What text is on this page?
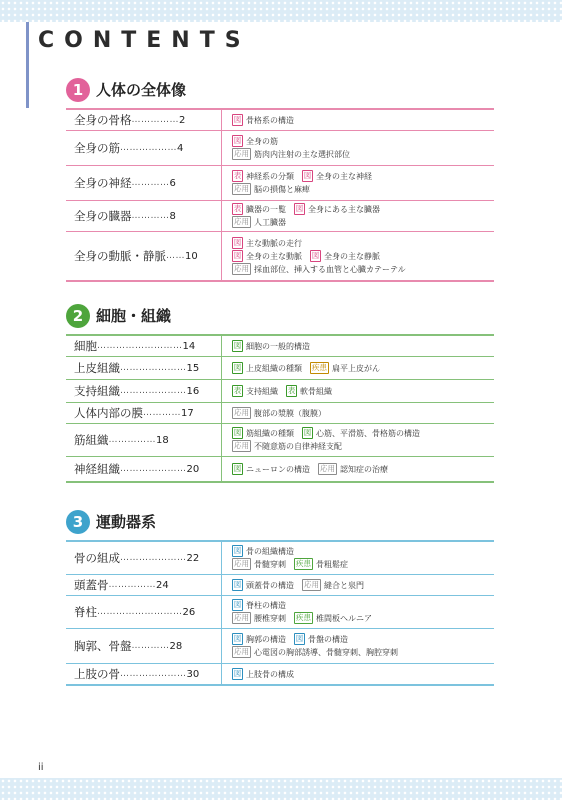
CONTENTS
1 人体の全体像
全身の骨格 …………… 2	図 骨格系の構造
全身の筋 ……………… 4
図 全身の筋
応用 筋肉内注射の主な選択部位
全身の神経 ………… 6
表 神経系の分類 図 全身の主な神経
応用 脳の損傷と麻痺
全身の臓器 ………… 8
表 臓器の一覧 図 全身にある主な臓器
応用 人工臓器
全身の動脈・静脈 …… 10
図 主な動脈の走行
図 全身の主な動脈 図 全身の主な静脈
応用 採血部位、挿入する血管と心臓カテーテル
2 細胞・組織
細胞 ……………………… 14	図 細胞の一般的構造
上皮組織 ………………… 15	図 上皮組織の種類 疾患 扁平上皮がん
支持組織 ………………… 16	表 支持組織 表 軟骨組織
人体内部の膜 ………… 17	応用 腹部の漿膜（腹膜）
筋組織 …………… 18
図 筋組織の種類 図 心筋、平滑筋、骨格筋の構造
応用 不随意筋の自律神経支配
神経組織 ………………… 20	図 ニューロンの構造 応用 認知症の治療
3 運動器系
骨の組成 ………………… 22
図 骨の組織構造
応用 骨髄穿刺 疾患 骨粗鬆症
頭蓋骨 …………… 24	図 頭蓋骨の構造 応用 縫合と泉門
脊柱 ……………………… 26
図 脊柱の構造
応用 腰椎穿刺 疾患 椎間板ヘルニア
胸郭、骨盤 ………… 28
図 胸郭の構造 図 骨盤の構造
応用 心電図の胸部誘導、骨髄穿刺、胸腔穿刺
上肢の骨 ………………… 30	図 上肢骨の構成
ii
